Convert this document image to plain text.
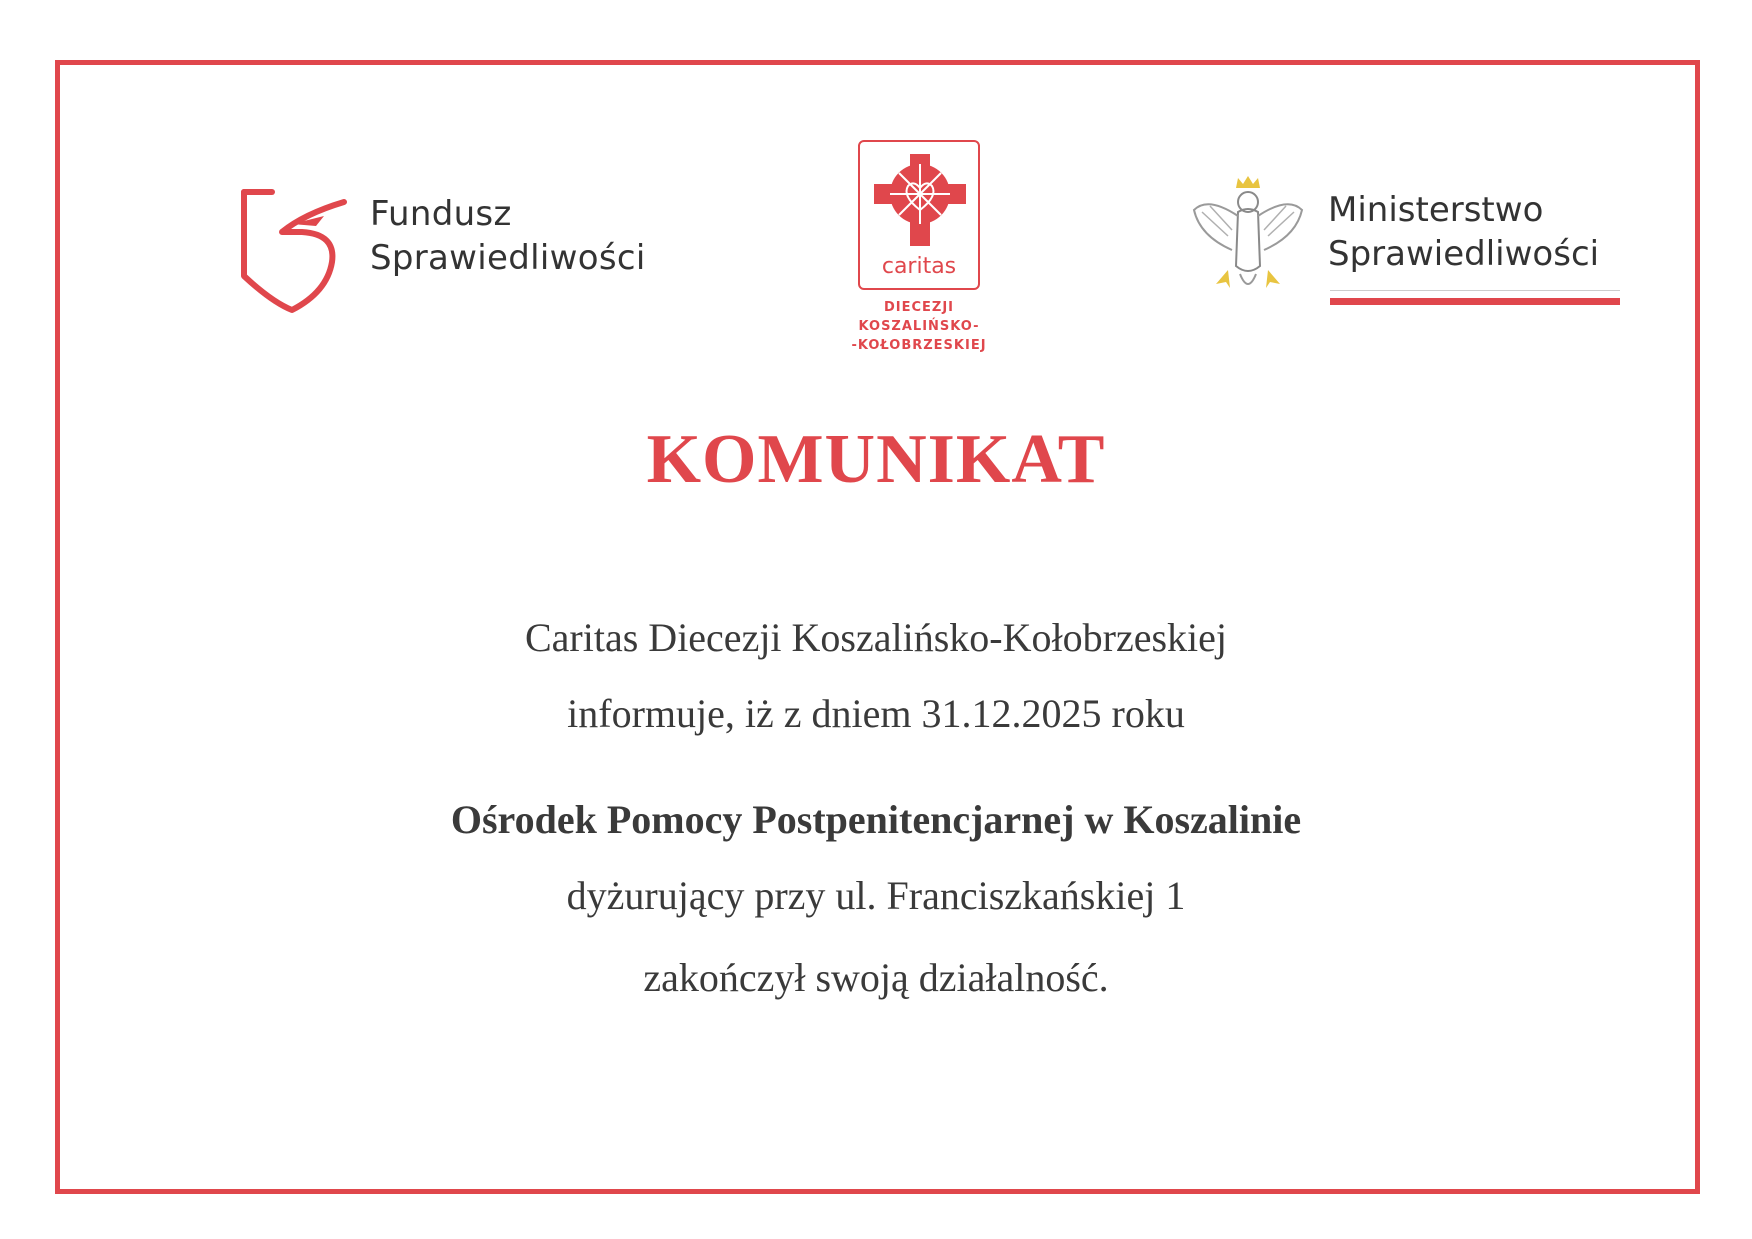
Fundusz
Sprawiedliwości	caritas
DIECEZJI
KOSZALIŃSKO-
-KOŁOBRZESKIEJ
Ministerstwo
Sprawiedliwości
KOMUNIKAT
Caritas Diecezji Koszalińsko-Kołobrzeskiej
informuje, iż z dniem 31.12.2025 roku
Ośrodek Pomocy Postpenitencjarnej w Koszalinie
dyżurujący przy ul. Franciszkańskiej 1
zakończył swoją działalność.
